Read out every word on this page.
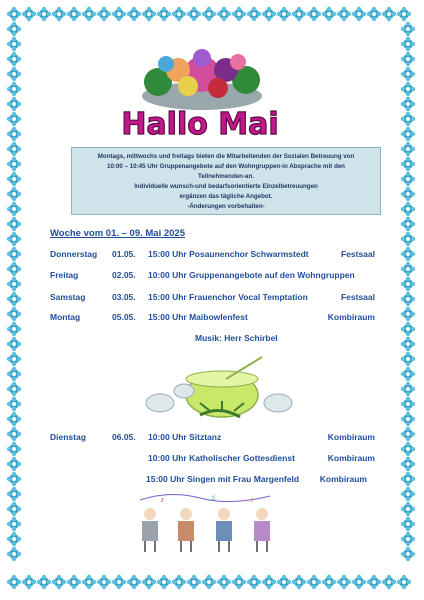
Hallo Mai
Montags, mittwochs und freitags bieten die Mitarbeitenden der Sozialen Betreuung von
10:00 – 10:45 Uhr Gruppenangebote auf den Wohngruppen-in Absprache mit den
Teilnehmenden-an.
Individuelle wunsch-und bedarfsorientierte Einzelbetreuungen
ergänzen das tägliche Angebot.
-Änderungen vorbehalten-
Woche vom 01. – 09. Mai 2025
Donnerstag 01.05. 15:00 Uhr Posaunenchor Schwarmstedt	Festsaal
Freitag	02.05. 10:00 Uhr Gruppenangebote auf den Wohngruppen
Samstag	03.05. 15:00 Uhr Frauenchor Vocal Temptation	Festsaal
Montag	05.05. 15:00 Uhr Maibowlenfest	Kombiraum
Musik: Herr Schirbel
Dienstag	06.05. 10:00 Uhr Sitztanz	Kombiraum
10:00 Uhr Katholischer Gottesdienst	Kombiraum
15:00 Uhr Singen mit Frau Margenfeld Kombiraum
♪	♫	♪
